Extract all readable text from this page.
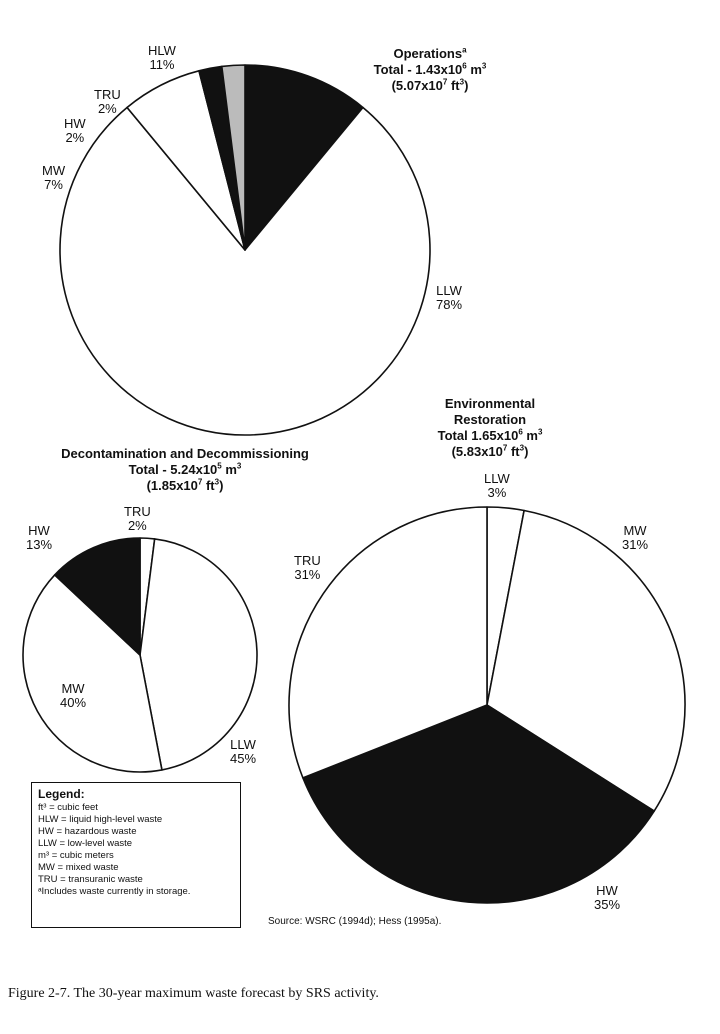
Operations$^a$
Total - $1.43x10^6$ $m^3$
($5.07x10^7$ $ft^3$)
Decontamination and Decommissioning
Total - $5.24x10^5$ $m^3$
($1.85x10^7$ $ft^3$)
Environmental
Restoration
Total $1.65x10^6$ $m^3$
($5.83x10^7$ $ft^3$)
HLW
11%
LLW
78%
MW
7%
HW
2%
TRU
2%
TRU
2%
LLW
45%
MW
40%
HW
13%
LLW
3%
MW
31%
HW
35%
TRU
31%
Legend:
ft³ = cubic feet
HLW = liquid high-level waste
HW = hazardous waste
LLW = low-level waste
m³ = cubic meters
MW = mixed waste
TRU = transuranic waste
ᵃIncludes waste currently in storage.
Source: WSRC (1994d); Hess (1995a).
Figure 2-7. The 30-year maximum waste forecast by SRS activity.
